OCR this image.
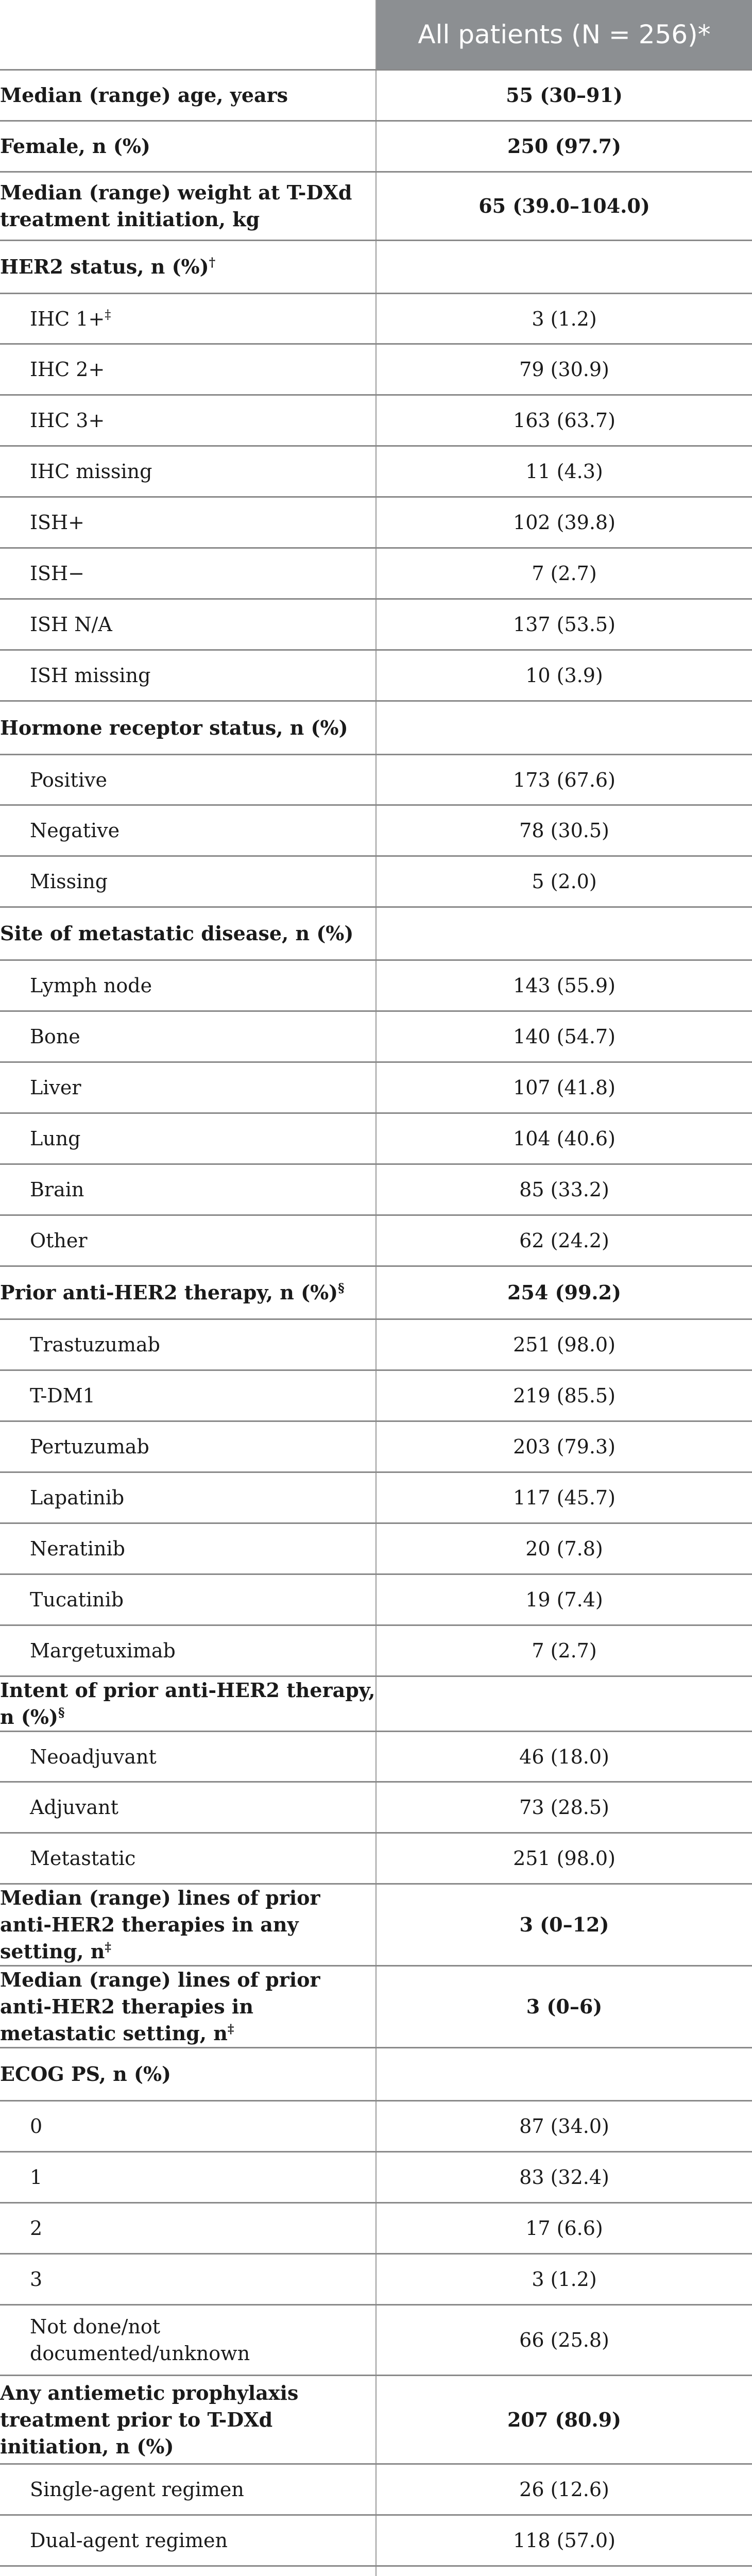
	All patients (N = 256)*
Median (range) age, years	55 (30–91)
Female, n (%)	250 (97.7)
Median (range) weight at T-DXd treatment initiation, kg	65 (39.0–104.0)
HER2 status, n (%)†	
IHC 1+‡	3 (1.2)
IHC 2+	79 (30.9)
IHC 3+	163 (63.7)
IHC missing	11 (4.3)
ISH+	102 (39.8)
ISH−	7 (2.7)
ISH N/A	137 (53.5)
ISH missing	10 (3.9)
Hormone receptor status, n (%)	
Positive	173 (67.6)
Negative	78 (30.5)
Missing	5 (2.0)
Site of metastatic disease, n (%)	
Lymph node	143 (55.9)
Bone	140 (54.7)
Liver	107 (41.8)
Lung	104 (40.6)
Brain	85 (33.2)
Other	62 (24.2)
Prior anti-HER2 therapy, n (%)§	254 (99.2)
Trastuzumab	251 (98.0)
T-DM1	219 (85.5)
Pertuzumab	203 (79.3)
Lapatinib	117 (45.7)
Neratinib	20 (7.8)
Tucatinib	19 (7.4)
Margetuximab	7 (2.7)
Intent of prior anti-HER2 therapy, n (%)§	
Neoadjuvant	46 (18.0)
Adjuvant	73 (28.5)
Metastatic	251 (98.0)
Median (range) lines of prior anti-HER2 therapies in any setting, n‡	3 (0–12)
Median (range) lines of prior anti-HER2 therapies in metastatic setting, n‡	3 (0–6)
ECOG PS, n (%)	
0	87 (34.0)
1	83 (32.4)
2	17 (6.6)
3	3 (1.2)
Not done/not documented/unknown	66 (25.8)
Any antiemetic prophylaxis treatment prior to T-DXd initiation, n (%)	207 (80.9)
Single-agent regimen	26 (12.6)
Dual-agent regimen	118 (57.0)
